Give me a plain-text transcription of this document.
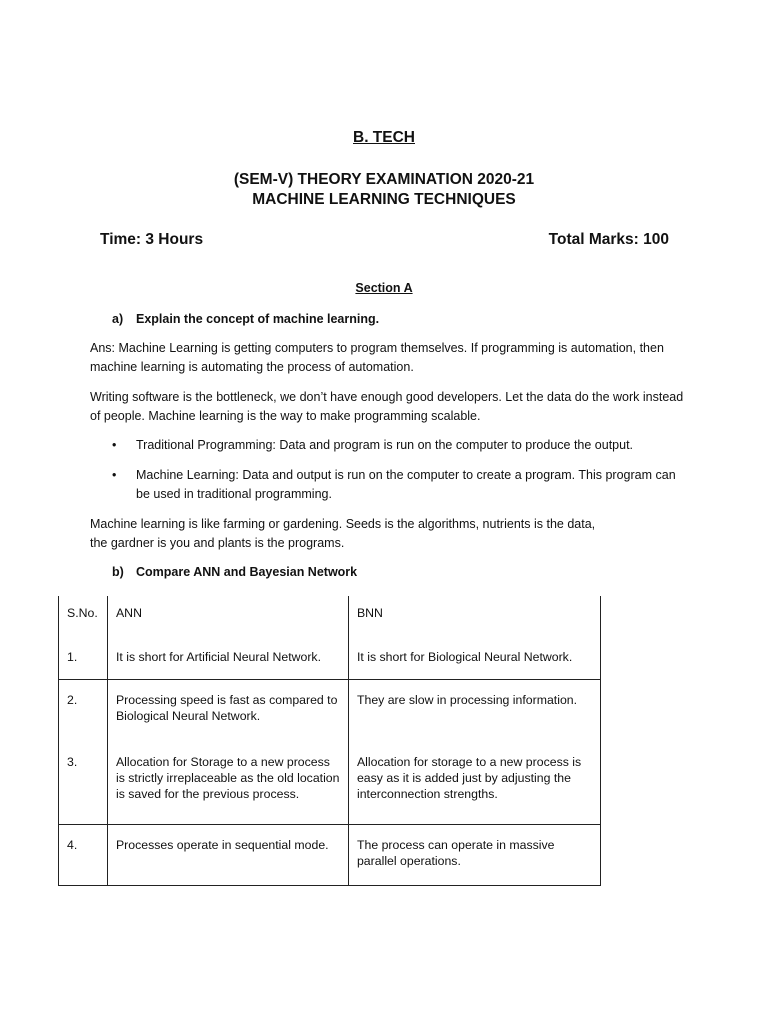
B. TECH
(SEM-V) THEORY EXAMINATION 2020-21
MACHINE LEARNING TECHNIQUES
Time: 3 Hours	Total Marks: 100
Section A
a) Explain the concept of machine learning.

Ans: Machine Learning is getting computers to program themselves. If programming is automation, then machine learning is automating the process of automation.

Writing software is the bottleneck, we don’t have enough good developers. Let the data do the work instead of people. Machine learning is the way to make programming scalable.

• Traditional Programming: Data and program is run on the computer to produce the output.
• Machine Learning: Data and output is run on the computer to create a program. This program can be used in traditional programming.
Machine learning is like farming or gardening. Seeds is the algorithms, nutrients is the data,
the gardner is you and plants is the programs.
b) Compare ANN and Bayesian Network
S.No.	ANN	BNN
1.	It is short for Artificial Neural Network.	It is short for Biological Neural Network.
2.	Processing speed is fast as compared to Biological Neural Network.	They are slow in processing information.
3.	Allocation for Storage to a new process is strictly irreplaceable as the old location is saved for the previous process.	Allocation for storage to a new process is easy as it is added just by adjusting the interconnection strengths.
4.	Processes operate in sequential mode.	The process can operate in massive parallel operations.
